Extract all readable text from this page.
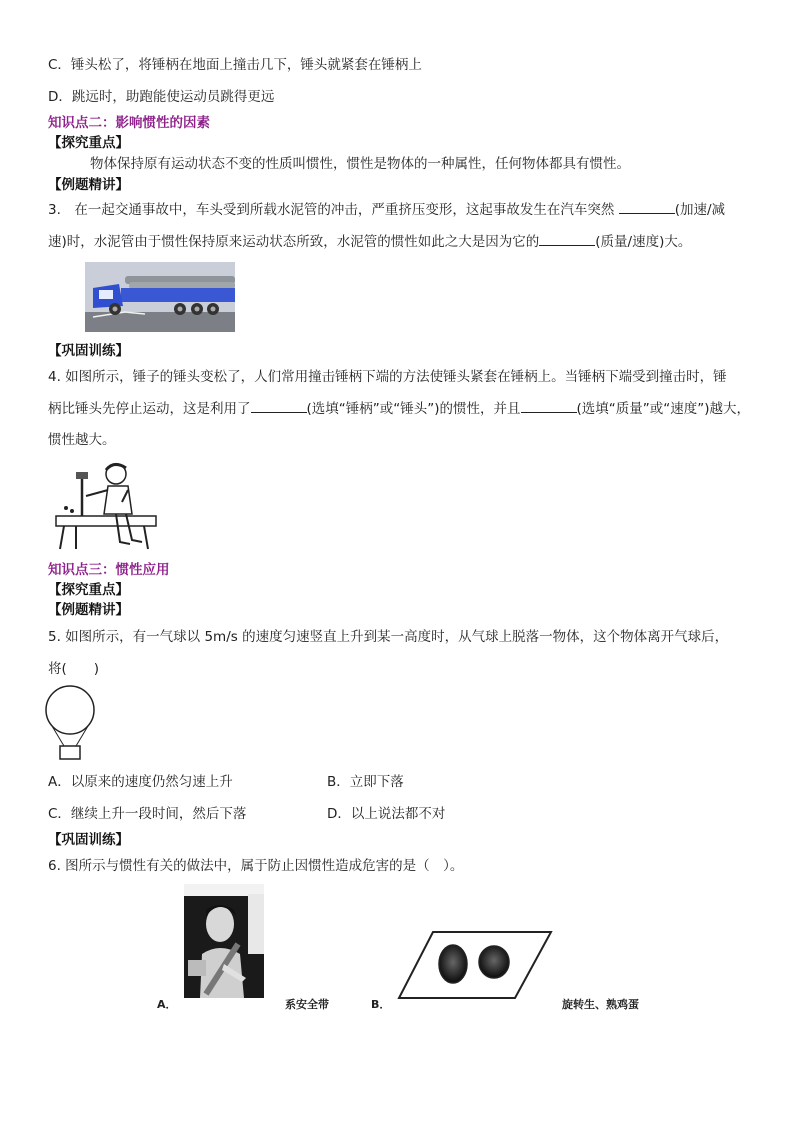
C．锤头松了，将锤柄在地面上撞击几下，锤头就紧套在锤柄上
D．跳远时，助跑能使运动员跳得更远
知识点二：影响惯性的因素
【探究重点】
物体保持原有运动状态不变的性质叫惯性，惯性是物体的一种属性，任何物体都具有惯性。
【例题精讲】
3.　在一起交通事故中，车头受到所载水泥管的冲击，严重挤压变形，这起事故发生在汽车突然	(加速/减
速)时，水泥管由于惯性保持原来运动状态所致，水泥管的惯性如此之大是因为它的	(质量/速度)大。
【巩固训练】
4. 如图所示，锤子的锤头变松了，人们常用撞击锤柄下端的方法使锤头紧套在锤柄上。当锤柄下端受到撞击时，锤
柄比锤头先停止运动，这是利用了	(选填“锤柄”或“锤头”)的惯性，并且	(选填“质量”或“速度”)越大，
惯性越大。
知识点三：惯性应用
【探究重点】
【例题精讲】
5. 如图所示，有一气球以 5m/s 的速度匀速竖直上升到某一高度时，从气球上脱落一物体，这个物体离开气球后，
将(　　)
A．以原来的速度仍然匀速上升	B．立即下落
C．继续上升一段时间，然后下落	D．以上说法都不对
【巩固训练】
6. 图所示与惯性有关的做法中，属于防止因惯性造成危害的是（　）。
A．	系安全带	B．	旋转生、熟鸡蛋
